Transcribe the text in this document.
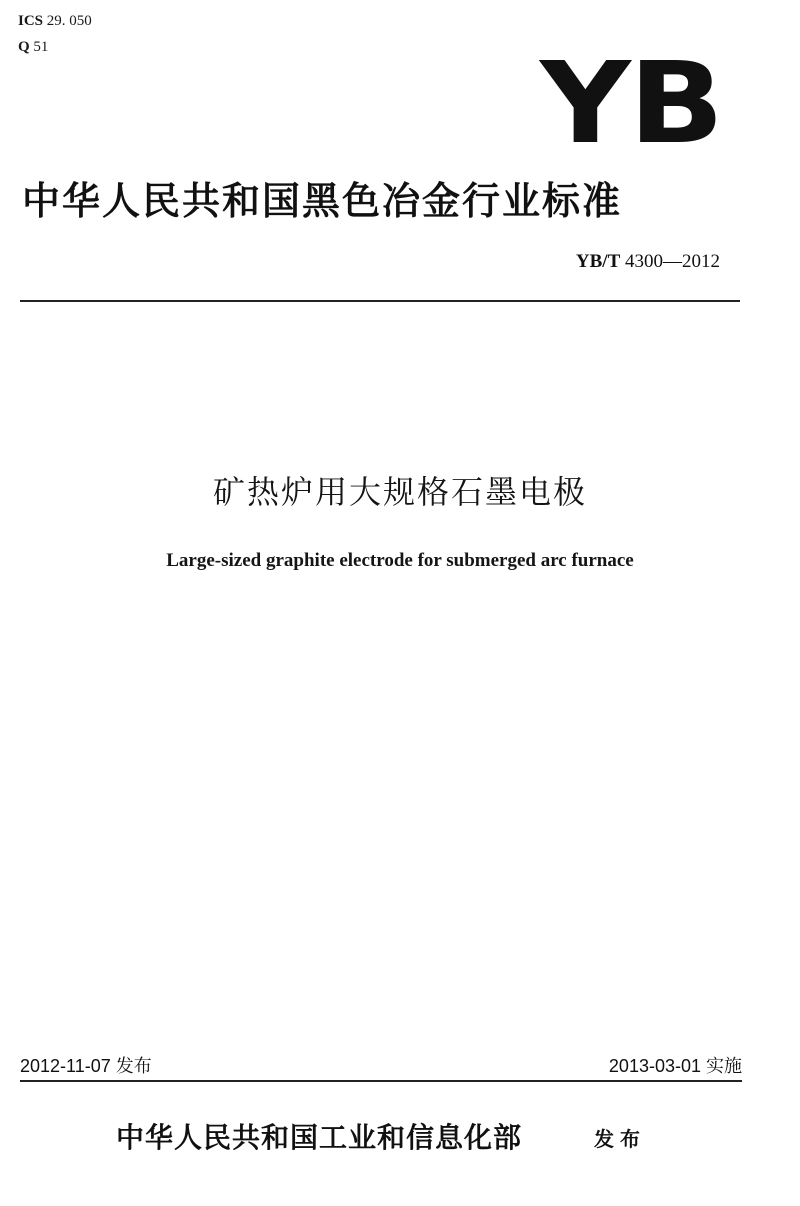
ICS 29. 050
Q 51	YB
中华人民共和国黑色冶金行业标准
YB/T 4300—2012
矿热炉用大规格石墨电极
Large-sized graphite electrode for submerged arc furnace
2012-11-07 发布	2013-03-01 实施
中华人民共和国工业和信息化部	发布
